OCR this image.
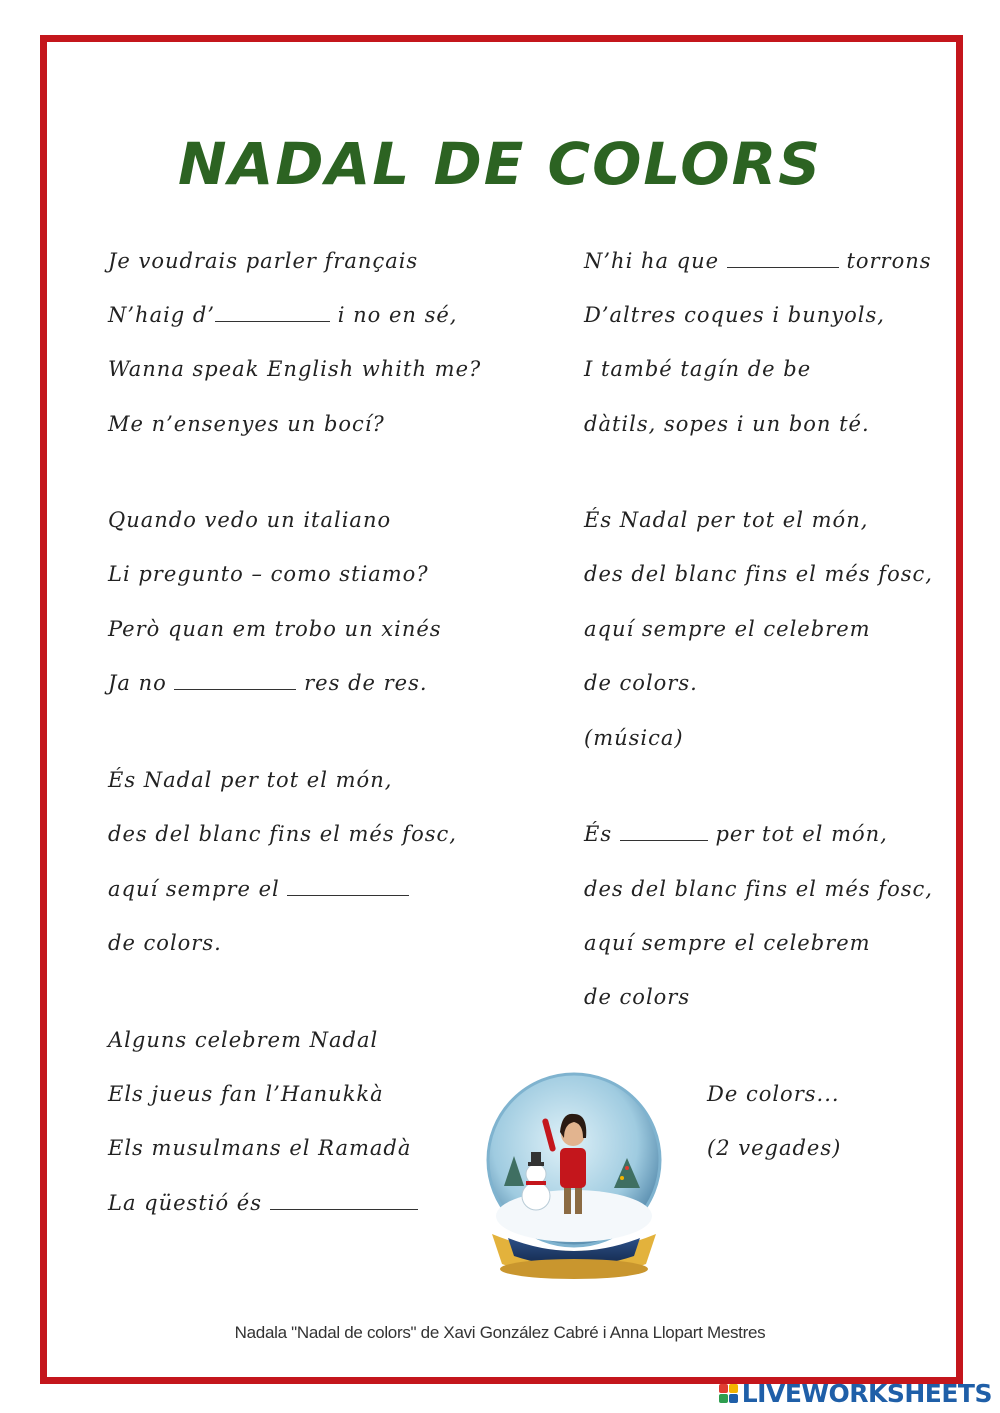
NADAL DE COLORS
Je voudrais parler français
N’haig d’	i no en sé,
Wanna speak English whith me?
Me n’ensenyes un bocí?
Quando vedo un italiano
Li pregunto – como stiamo?
Però quan em trobo un xinés
Ja no	res de res.
És Nadal per tot el món,
des del blanc fins el més fosc,
aquí sempre el
de colors.
Alguns celebrem Nadal
Els jueus fan l’Hanukkà
Els musulmans el Ramadà
La qüestió és
N’hi ha que	torrons
D’altres coques i bunyols,
I també tagín de be
dàtils, sopes i un bon té.
És Nadal per tot el món,
des del blanc fins el més fosc,
aquí sempre el celebrem
de colors.
(música)
És	per tot el món,
des del blanc fins el més fosc,
aquí sempre el celebrem
de colors
De colors...
(2 vegades)
Nadala "Nadal de colors" de Xavi González Cabré i Anna Llopart Mestres
LIVEWORKSHEETS
